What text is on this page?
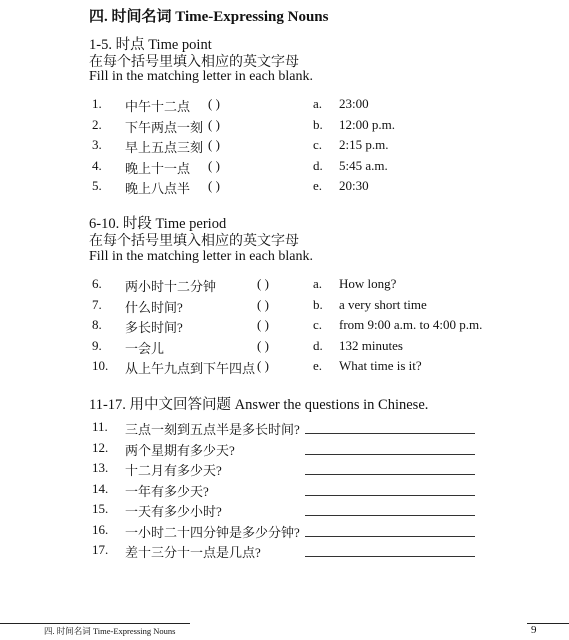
四. 时间名词 Time-Expressing Nouns
1-5. 时点 Time point
在每个括号里填入相应的英文字母
Fill in the matching letter in each blank.
1. 中午十二点 ( )	a. 23:00
2. 下午两点一刻 ( )	b. 12:00 p.m.
3. 早上五点三刻 ( )	c. 2:15 p.m.
4. 晚上十一点 ( )	d. 5:45 a.m.
5. 晚上八点半 ( )	e. 20:30
6-10. 时段 Time period
在每个括号里填入相应的英文字母
Fill in the matching letter in each blank.
6. 两小时十二分钟	( )	a. How long?
7. 什么时间?	( )	b. a very short time
8. 多长时间?	( )	c. from 9:00 a.m. to 4:00 p.m.
9. 一会儿	( )	d. 132 minutes
10. 从上午九点到下午四点 ( )	e. What time is it?
11-17. 用中文回答问题 Answer the questions in Chinese.
11. 三点一刻到五点半是多长时间?
12. 两个星期有多少天?
13. 十二月有多少天?
14. 一年有多少天?
15. 一天有多少小时?
16. 一小时二十四分钟是多少分钟?
17. 差十三分十一点是几点?
四. 时间名词 Time-Expressing Nouns	9
